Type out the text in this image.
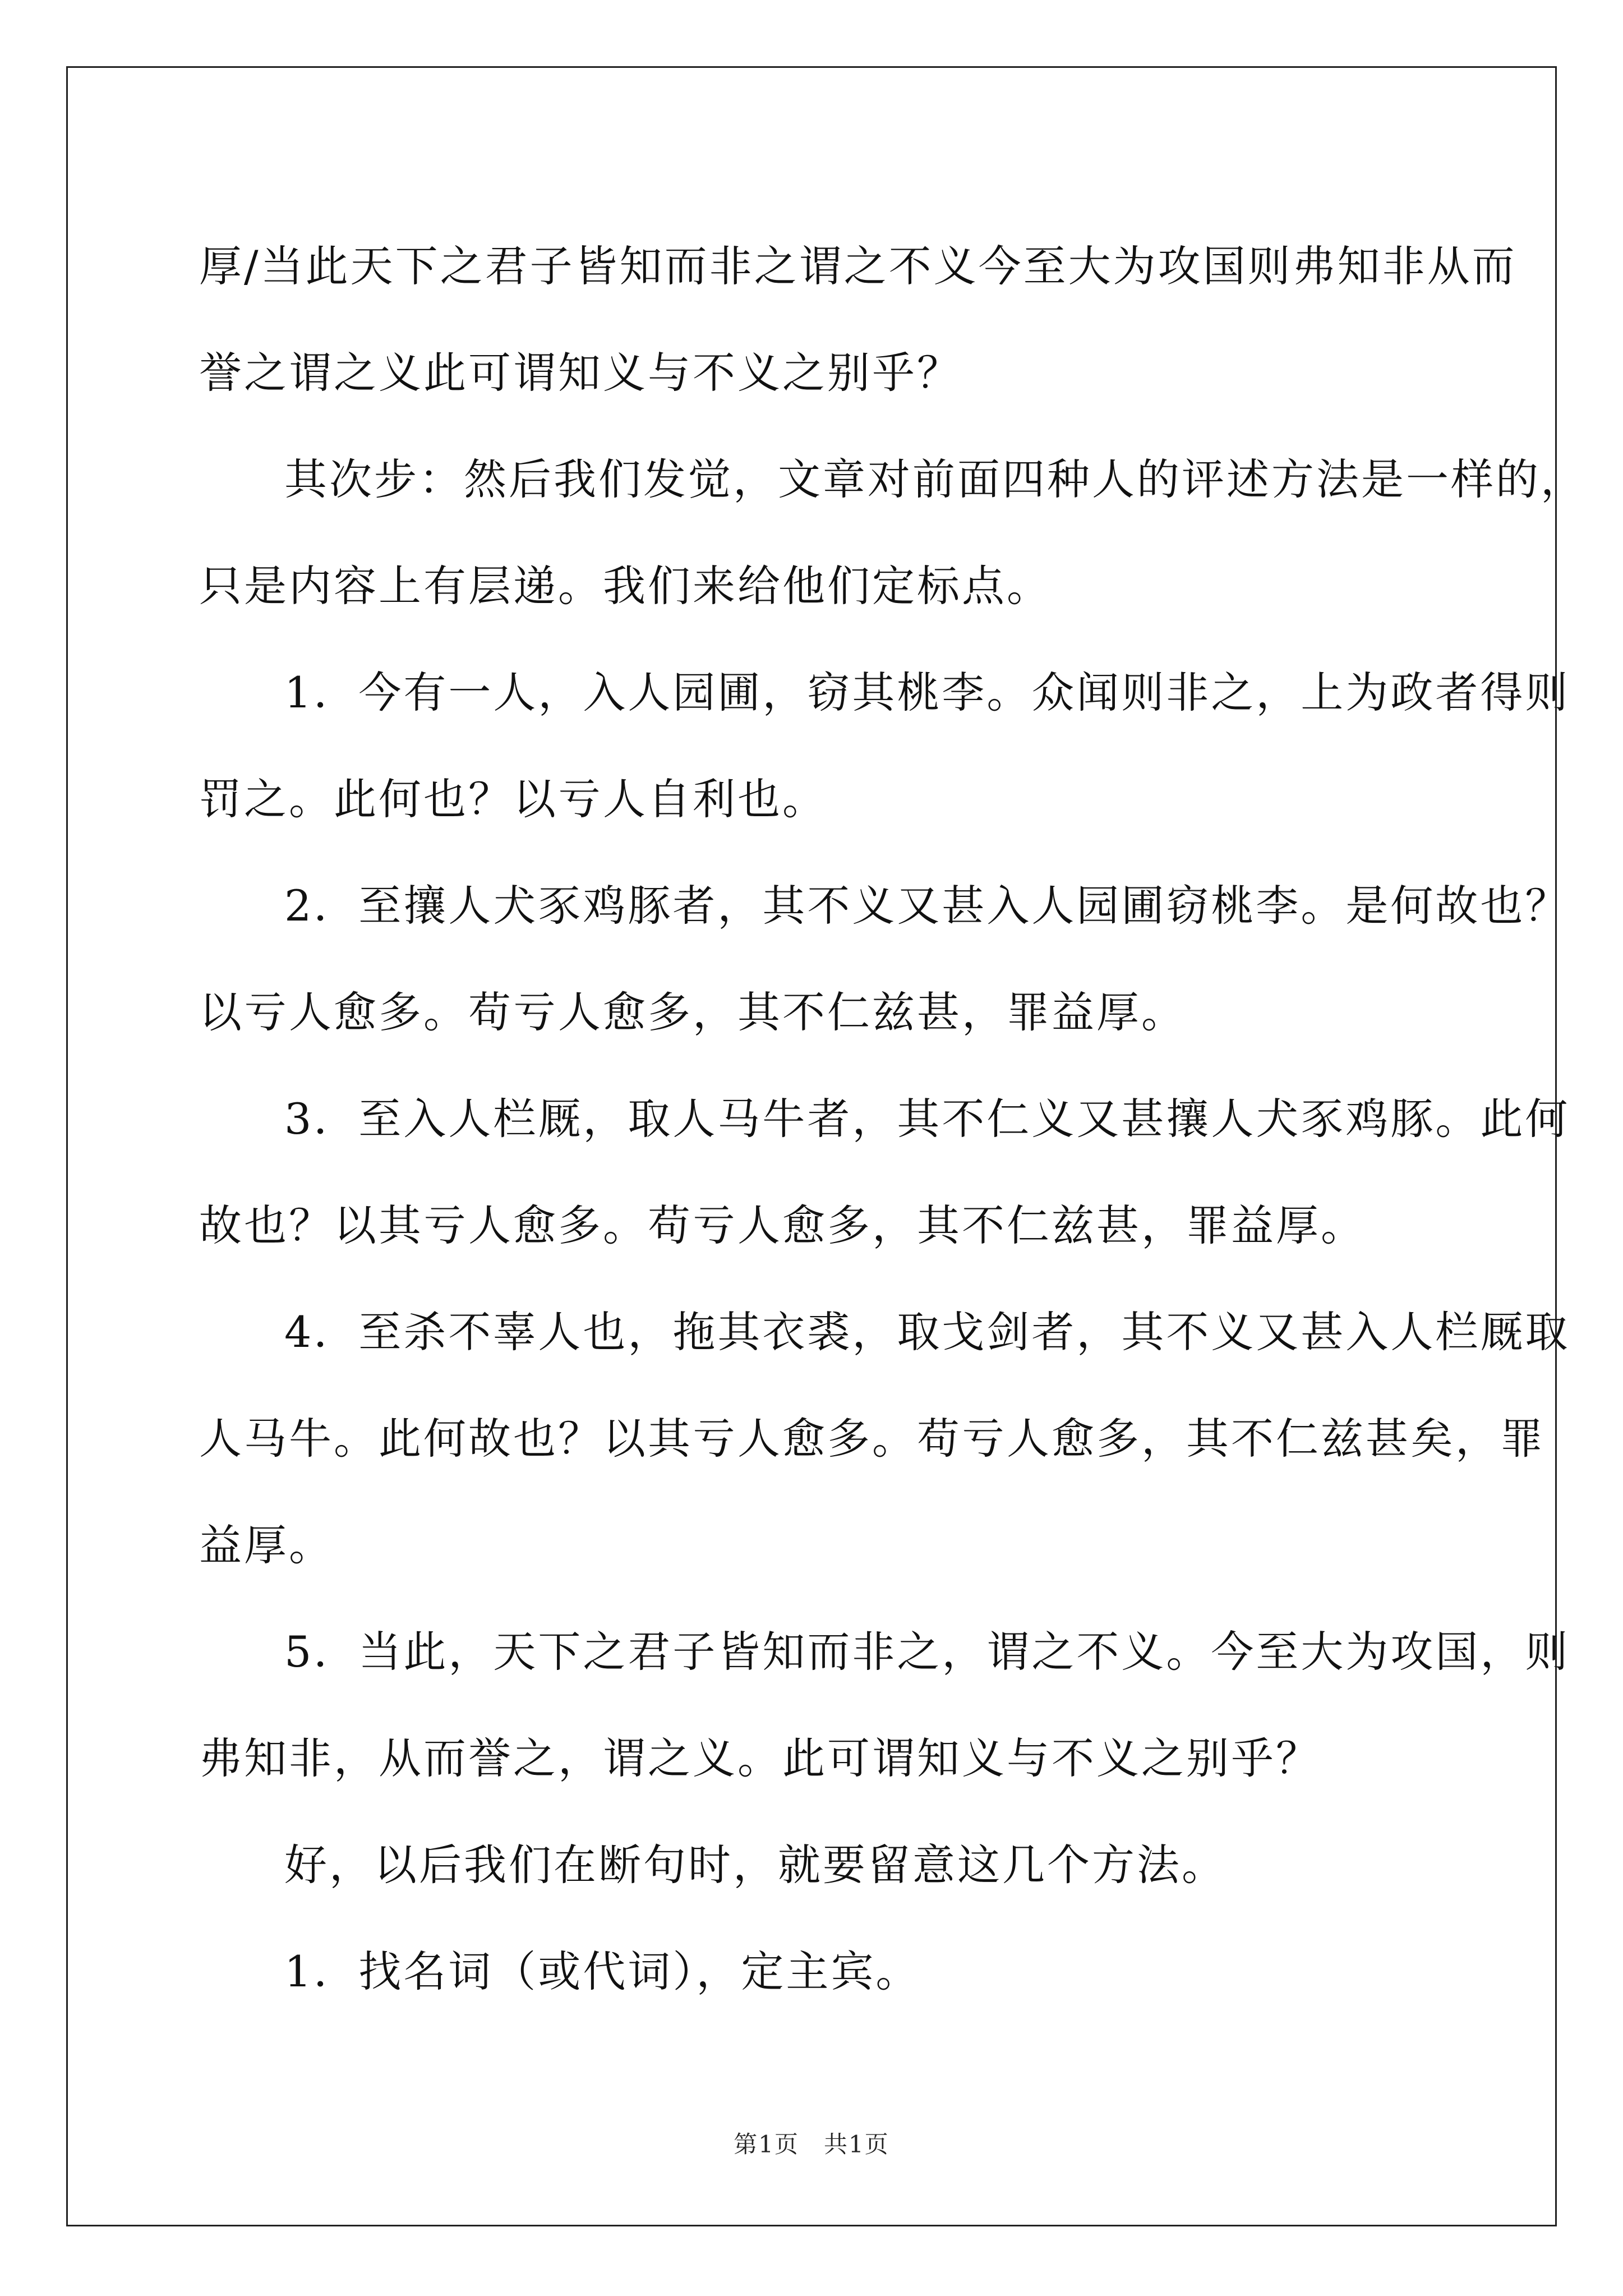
厚/当此天下之君子皆知而非之谓之不义今至大为攻国则弗知非从而
誉之谓之义此可谓知义与不义之别乎？
其次步：然后我们发觉，文章对前面四种人的评述方法是一样的，
只是内容上有层递。我们来给他们定标点。
1．今有一人，入人园圃，窃其桃李。众闻则非之，上为政者得则
罚之。此何也？以亏人自利也。
2．至攘人犬豕鸡豚者，其不义又甚入人园圃窃桃李。是何故也？
以亏人愈多。苟亏人愈多，其不仁兹甚，罪益厚。
3．至入人栏厩，取人马牛者，其不仁义又甚攘人犬豕鸡豚。此何
故也？以其亏人愈多。苟亏人愈多，其不仁兹甚，罪益厚。
4．至杀不辜人也，拖其衣裘，取戈剑者，其不义又甚入人栏厩取
人马牛。此何故也？以其亏人愈多。苟亏人愈多，其不仁兹甚矣，罪
益厚。
5．当此，天下之君子皆知而非之，谓之不义。今至大为攻国，则
弗知非，从而誉之，谓之义。此可谓知义与不义之别乎？
好，以后我们在断句时，就要留意这几个方法。
1．找名词（或代词），定主宾。
第1页　共1页
